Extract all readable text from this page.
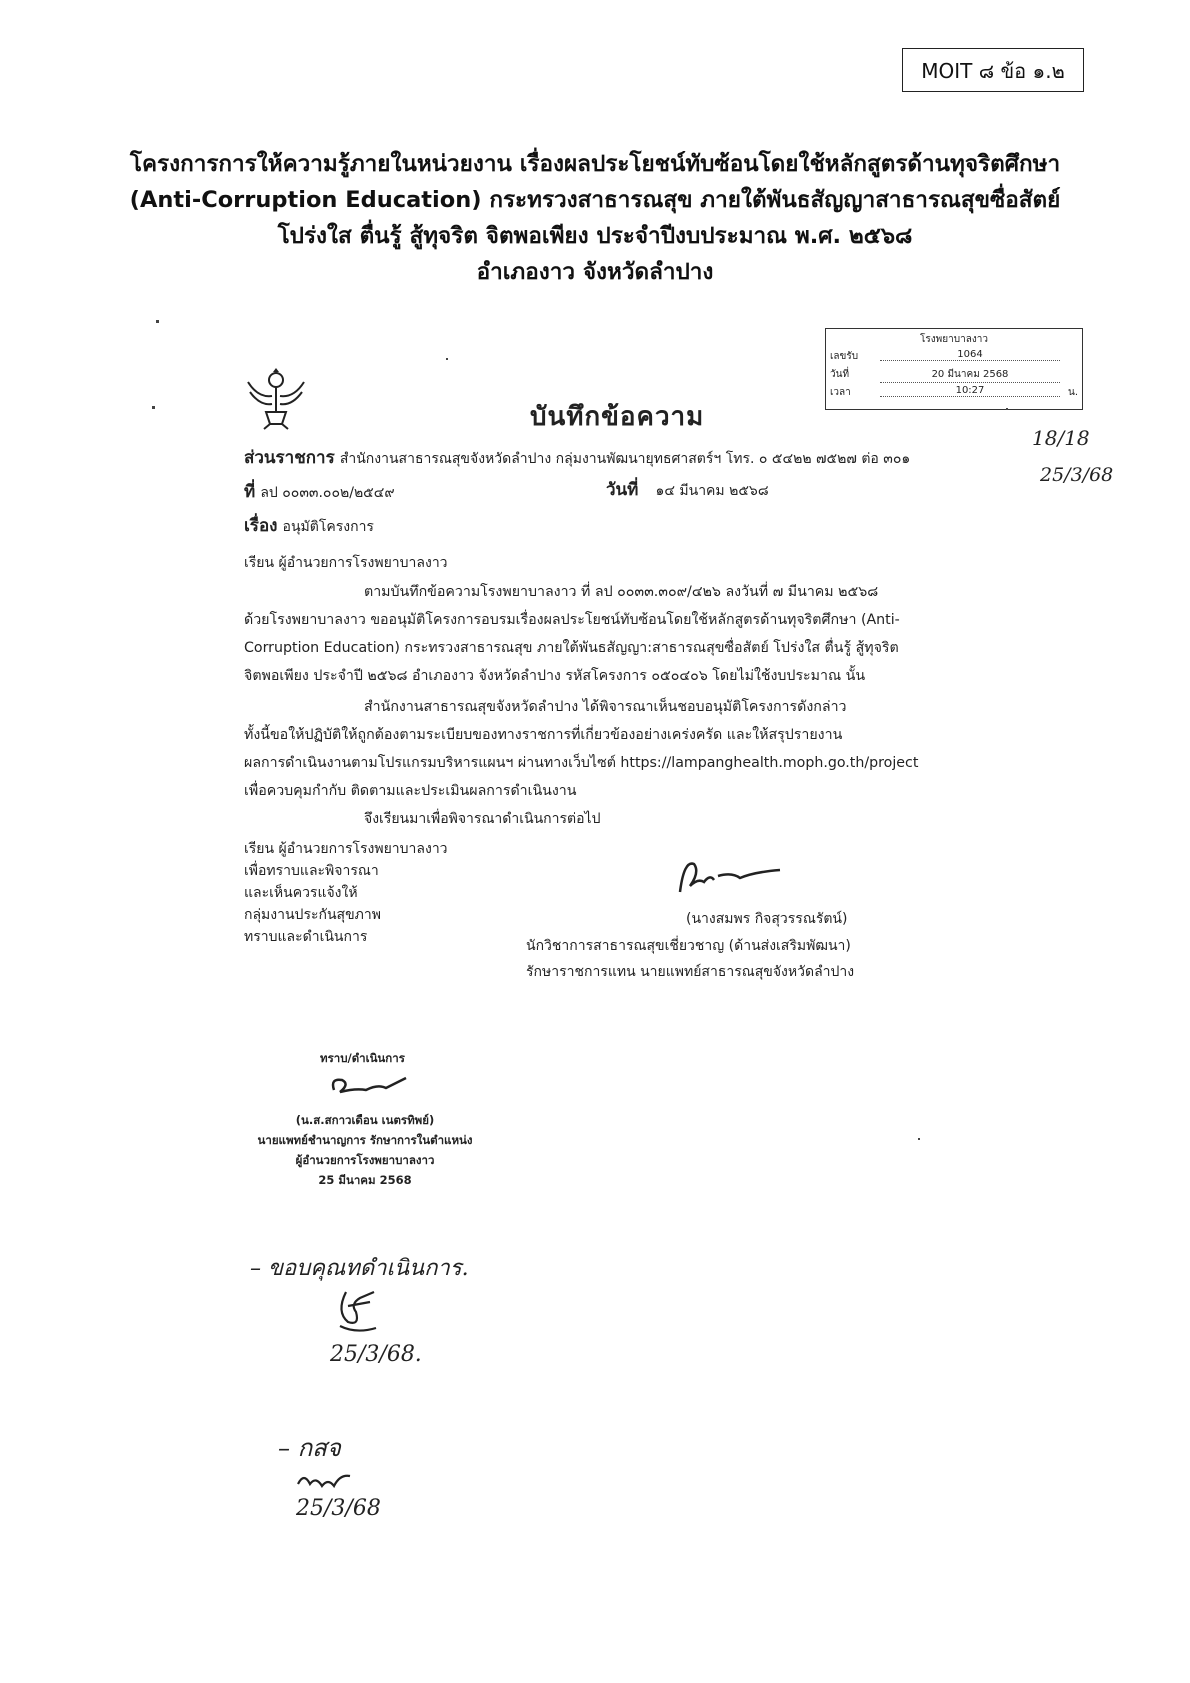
MOIT ๘ ข้อ ๑.๒
โครงการการให้ความรู้ภายในหน่วยงาน เรื่องผลประโยชน์ทับซ้อนโดยใช้หลักสูตรด้านทุจริตศึกษา
(Anti-Corruption Education) กระทรวงสาธารณสุข ภายใต้พันธสัญญาสาธารณสุขซื่อสัตย์
โปร่งใส ตื่นรู้ สู้ทุจริต จิตพอเพียง ประจำปีงบประมาณ พ.ศ. ๒๕๖๘
อำเภองาว จังหวัดลำปาง
โรงพยาบาลงาว
เลขรับ	1064
วันที่	20 มีนาคม 2568
เวลา	10:27	น.
บันทึกข้อความ
ส่วนราชการ สำนักงานสาธารณสุขจังหวัดลำปาง กลุ่มงานพัฒนายุทธศาสตร์ฯ โทร. ๐ ๕๔๒๒ ๗๕๒๗ ต่อ ๓๐๑
ที่ ลป ๐๐๓๓.๐๐๒/๒๕๔๙	วันที่ ๑๔ มีนาคม ๒๕๖๘
เรื่อง อนุมัติโครงการ
เรียน ผู้อำนวยการโรงพยาบาลงาว
ตามบันทึกข้อความโรงพยาบาลงาว ที่ ลป ๐๐๓๓.๓๐๙/๔๒๖ ลงวันที่ ๗ มีนาคม ๒๕๖๘
ด้วยโรงพยาบาลงาว ขออนุมัติโครงการอบรมเรื่องผลประโยชน์ทับซ้อนโดยใช้หลักสูตรด้านทุจริตศึกษา (Anti-
Corruption Education) กระทรวงสาธารณสุข ภายใต้พันธสัญญา:สาธารณสุขซื่อสัตย์ โปร่งใส ตื่นรู้ สู้ทุจริต
จิตพอเพียง ประจำปี ๒๕๖๘ อำเภองาว จังหวัดลำปาง รหัสโครงการ ๐๕๐๔๐๖ โดยไม่ใช้งบประมาณ นั้น
สำนักงานสาธารณสุขจังหวัดลำปาง ได้พิจารณาเห็นชอบอนุมัติโครงการดังกล่าว
ทั้งนี้ขอให้ปฏิบัติให้ถูกต้องตามระเบียบของทางราชการที่เกี่ยวข้องอย่างเคร่งครัด และให้สรุปรายงาน
ผลการดำเนินงานตามโปรแกรมบริหารแผนฯ ผ่านทางเว็บไซต์ https://lampanghealth.moph.go.th/project
เพื่อควบคุมกำกับ ติดตามและประเมินผลการดำเนินงาน
จึงเรียนมาเพื่อพิจารณาดำเนินการต่อไป
เรียน ผู้อำนวยการโรงพยาบาลงาว
เพื่อทราบและพิจารณา
และเห็นควรแจ้งให้
กลุ่มงานประกันสุขภาพ
ทราบและดำเนินการ
(นางสมพร กิจสุวรรณรัตน์)
นักวิชาการสาธารณสุขเชี่ยวชาญ (ด้านส่งเสริมพัฒนา)
รักษาราชการแทน นายแพทย์สาธารณสุขจังหวัดลำปาง
ทราบ/ดำเนินการ
(น.ส.สกาวเดือน เนตรทิพย์)
นายแพทย์ชำนาญการ รักษาการในตำแหน่ง
ผู้อำนวยการโรงพยาบาลงาว
25 มีนาคม 2568
18/18
25/3/68
– ขอบคุณทดำเนินการ.
25/3/68.
– กสจ
25/3/68
